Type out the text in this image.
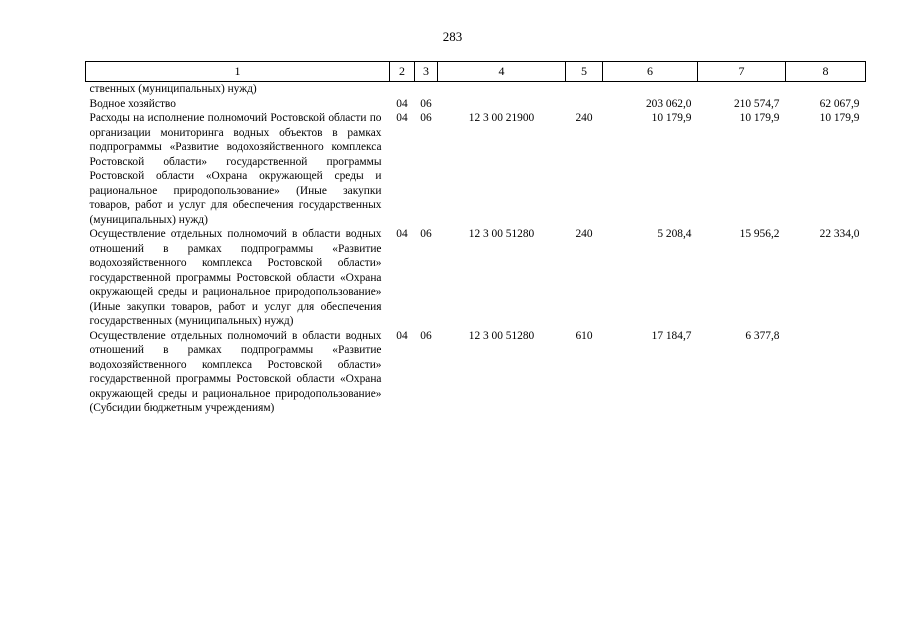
283
1	2	3	4	5	6	7	8
ственных (муниципальных) нужд)							
Водное хозяйство	04	06			203 062,0	210 574,7	62 067,9
Расходы на исполнение полномочий Ростовской области по организации мониторинга водных объектов в рамках подпрограммы «Развитие водохозяйственного комплекса Ростовской области» государственной программы Ростовской области «Охрана окружающей среды и рациональное природопользование» (Иные закупки товаров, работ и услуг для обеспечения государственных (муниципальных) нужд)	04	06	12 3 00 21900	240	10 179,9	10 179,9	10 179,9
Осуществление отдельных полномочий в области водных отношений в рамках подпрограммы «Развитие водохозяйственного комплекса Ростовской области» государственной программы Ростовской области «Охрана окружающей среды и рациональное природопользование» (Иные закупки товаров, работ и услуг для обеспечения государственных (муниципальных) нужд)	04	06	12 3 00 51280	240	5 208,4	15 956,2	22 334,0
Осуществление отдельных полномочий в области водных отношений в рамках подпрограммы «Развитие водохозяйственного комплекса Ростовской области» государственной программы Ростовской области «Охрана окружающей среды и рациональное природопользование» (Субсидии бюджетным учреждениям)	04	06	12 3 00 51280	610	17 184,7	6 377,8	
